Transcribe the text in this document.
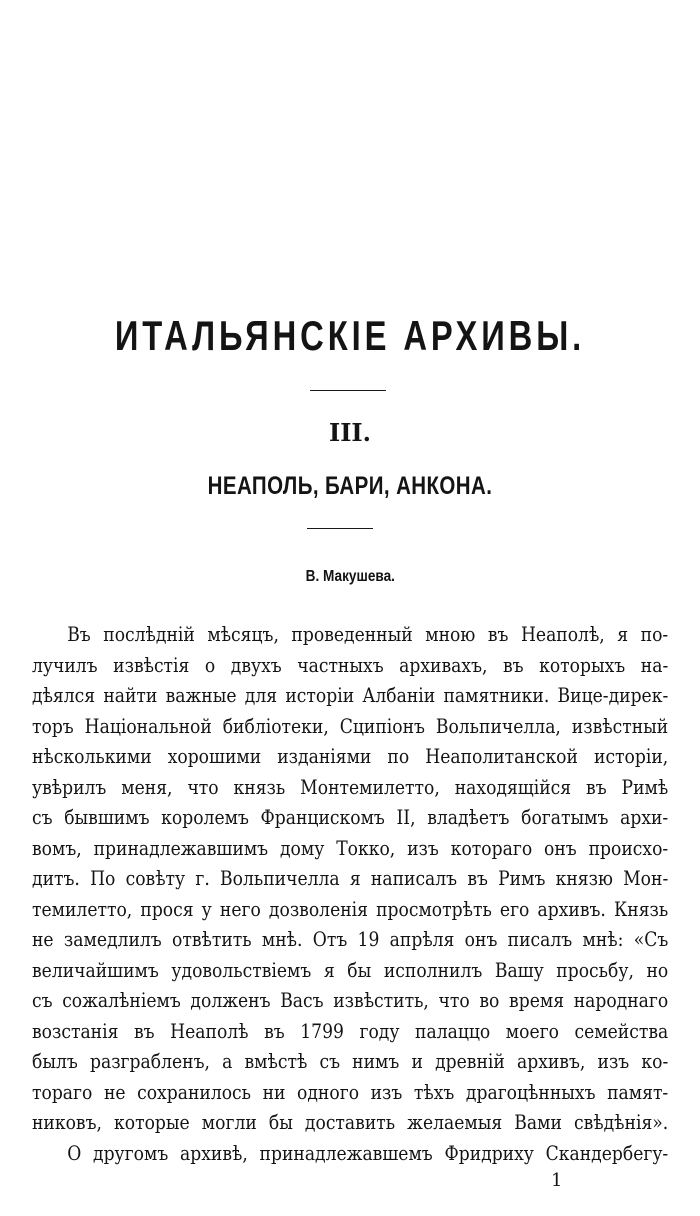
ИТАЛЬЯНСКІЕ АРХИВЫ.
III.
НЕАПОЛЬ, БАРИ, АНКОНА.

В. Макушева.

Въ послѣдній мѣсяцъ, проведенный мною въ Неаполѣ, я по-
лучилъ извѣстія о двухъ частныхъ архивахъ, въ которыхъ на-
дѣялся найти важные для исторіи Албаніи памятники. Вице-дирек-
торъ Національной библіотеки, Сципіонъ Вольпичелла, извѣстный
нѣсколькими хорошими изданіями по Неаполитанской исторіи,
увѣрилъ меня, что князь Монтемилетто, находящійся въ Римѣ
съ бывшимъ королемъ Францискомъ II, владѣетъ богатымъ архи-
вомъ, принадлежавшимъ дому Токко, изъ котораго онъ происхо-
дитъ. По совѣту г. Вольпичелла я написалъ въ Римъ князю Мон-
темилетто, прося у него дозволенія просмотрѣть его архивъ. Князь
не замедлилъ отвѣтить мнѣ. Отъ 19 апрѣля онъ писалъ мнѣ: «Съ
величайшимъ удовольствіемъ я бы исполнилъ Вашу просьбу, но
съ сожалѣніемъ долженъ Васъ извѣстить, что во время народнаго
возстанія въ Неаполѣ въ 1799 году палаццо моего семейства
былъ разграбленъ, а вмѣстѣ съ нимъ и древній архивъ, изъ ко-
тораго не сохранилось ни одного изъ тѣхъ драгоцѣнныхъ памят-
никовъ, которые могли бы доставить желаемыя Вами свѣдѣнія».
О другомъ архивѣ, принадлежавшемъ Фридриху Скандербегу-

1
